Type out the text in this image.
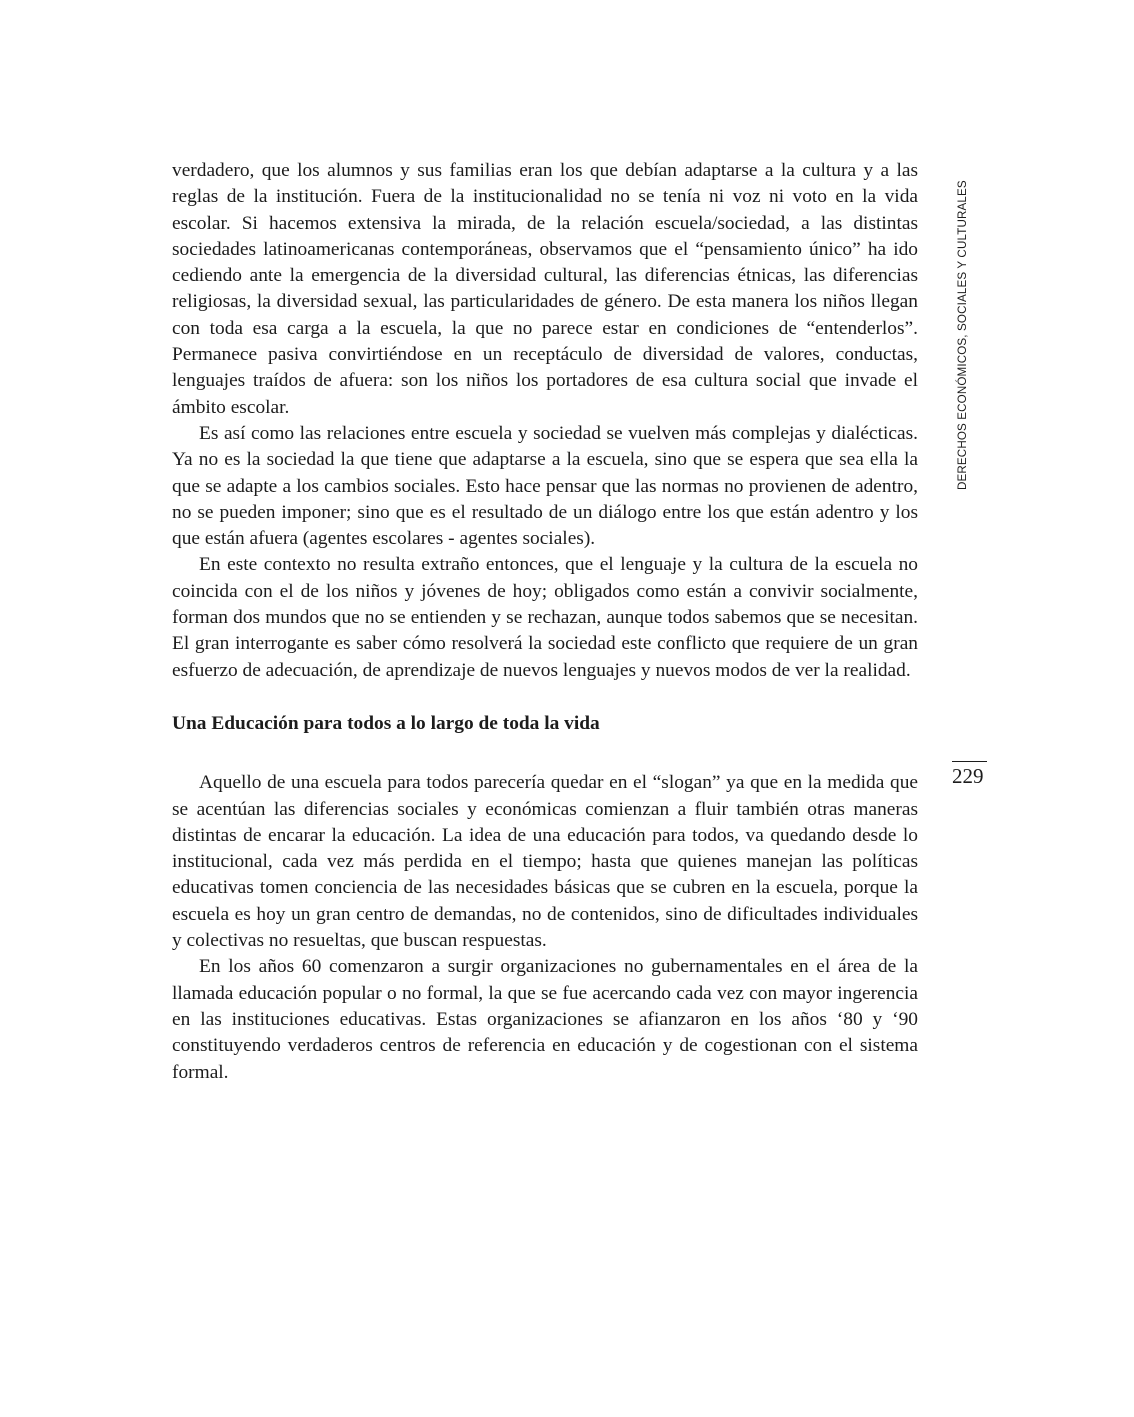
DERECHOS ECONÓMICOS, SOCIALES Y CULTURALES

verdadero, que los alumnos y sus familias eran los que debían adaptarse a la cultura y a las reglas de la institución. Fuera de la institucionalidad no se tenía ni voz ni voto en la vida escolar. Si hacemos extensiva la mirada, de la relación escuela/sociedad, a las distintas sociedades latinoamericanas contemporáneas, observamos que el “pensamiento único” ha ido cediendo ante la emergencia de la diversidad cultural, las diferencias étnicas, las diferencias religiosas, la diversidad sexual, las particularidades de género. De esta manera los niños llegan con toda esa carga a la escuela, la que no parece estar en condiciones de “entenderlos”. Permanece pasiva convirtiéndose en un receptáculo de diversidad de valores, conductas, lenguajes traídos de afuera: son los niños los portadores de esa cultura social que invade el ámbito escolar.

Es así como las relaciones entre escuela y sociedad se vuelven más complejas y dialécticas. Ya no es la sociedad la que tiene que adaptarse a la escuela, sino que se espera que sea ella la que se adapte a los cambios sociales. Esto hace pensar que las normas no provienen de adentro, no se pueden imponer; sino que es el resultado de un diálogo entre los que están adentro y los que están afuera (agentes escolares - agentes sociales).

En este contexto no resulta extraño entonces, que el lenguaje y la cultura de la escuela no coincida con el de los niños y jóvenes de hoy; obligados como están a convivir socialmente, forman dos mundos que no se entienden y se rechazan, aunque todos sabemos que se necesitan. El gran interrogante es saber cómo resolverá la sociedad este conflicto que requiere de un gran esfuerzo de adecuación, de aprendizaje de nuevos lenguajes y nuevos modos de ver la realidad.

Una Educación para todos a lo largo de toda la vida

Aquello de una escuela para todos parecería quedar en el “slogan” ya que en la medida que se acentúan las diferencias sociales y económicas comienzan a fluir también otras maneras distintas de encarar la educación. La idea de una educación para todos, va quedando desde lo institucional, cada vez más perdida en el tiempo; hasta que quienes manejan las políticas educativas tomen conciencia de las necesidades básicas que se cubren en la escuela, porque la escuela es hoy un gran centro de demandas, no de contenidos, sino de dificultades individuales y colectivas no resueltas, que buscan respuestas.

En los años 60 comenzaron a surgir organizaciones no gubernamentales en el área de la llamada educación popular o no formal, la que se fue acercando cada vez con mayor ingerencia en las instituciones educativas. Estas organizaciones se afianzaron en los años ‘80 y ‘90 constituyendo verdaderos centros de referencia en educación y de cogestionan con el sistema formal.

229
